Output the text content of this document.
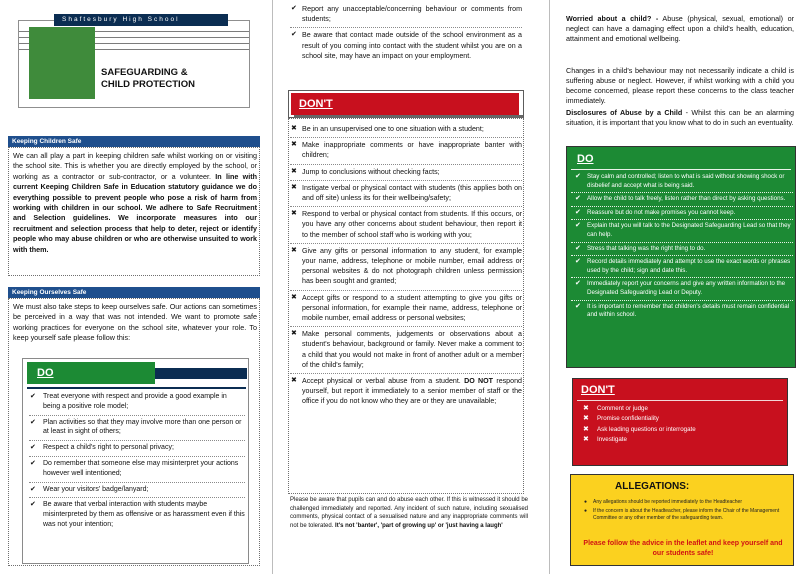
SAFEGUARDING &
CHILD PROTECTION
Shaftesbury High School
Keeping Children Safe
We can all play a part in keeping children safe whilst working on or visiting the school site. This is whether you are directly employed by the school, or working as a contractor or sub-contractor, or a volunteer. In line with current Keeping Children Safe in Education statutory guidance we do everything possible to prevent people who pose a risk of harm from working with children in our school. We adhere to Safe Recruitment and Selection guidelines. We incorporate measures into our recruitment and selection process that help to deter, reject or identify people who may abuse children or who are otherwise unsuited to work with them.
Keeping Ourselves Safe
We must also take steps to keep ourselves safe. Our actions can sometimes be perceived in a way that was not intended. We want to promote safe working practices for everyone on the school site, whatever your role. To keep yourself safe please follow this:
DO
✔ Treat everyone with respect and provide a good example in being a positive role model;
✔ Plan activities so that they may involve more than one person or at least in sight of others;
✔ Respect a child's right to personal privacy;
✔ Do remember that someone else may misinterpret your actions however well intentioned;
✔ Wear your visitors' badge/lanyard;
✔ Be aware that verbal interaction with students maybe misinterpreted by them as offensive or as harassment even if this was not your intention;
✔ Report any unacceptable/concerning behaviour or comments from students;
✔ Be aware that contact made outside of the school environment as a result of you coming into contact with the student whilst you are on a school site, may have an impact on your employment.
DON'T
✖ Be in an unsupervised one to one situation with a student;
✖ Make inappropriate comments or have inappropriate banter with children;
✖ Jump to conclusions without checking facts;
✖ Instigate verbal or physical contact with students (this applies both on and off site) unless its for their wellbeing/safety;
✖ Respond to verbal or physical contact from students. If this occurs, or you have any other concerns about student behaviour, then report it to the member of school staff who is working with you;
✖ Give any gifts or personal information to any student, for example your name, address, telephone or mobile number, email address or personal websites & do not photograph children unless permission has been sought and granted;
✖ Accept gifts or respond to a student attempting to give you gifts or personal information, for example their name, address, telephone or mobile number, email address or personal websites;
✖ Make personal comments, judgements or observations about a student's behaviour, background or family. Never make a comment to a child that you would not make in front of another adult or a member of the child's family;
✖ Accept physical or verbal abuse from a student. DO NOT respond yourself, but report it immediately to a senior member of staff or the office if you do not know who they are or they are unavailable;
Please be aware that pupils can and do abuse each other. If this is witnessed it should be challenged immediately and reported. Any incident of such nature, including sexualised comments, physical contact of a sexualised nature and any inappropriate comments will not be tolerated. It's not 'banter', 'part of growing up' or 'just having a laugh'
Worried about a child? - Abuse (physical, sexual, emotional) or neglect can have a damaging effect upon a child's health, education, attainment and emotional wellbeing.
Changes in a child's behaviour may not necessarily indicate a child is suffering abuse or neglect. However, if whilst working with a child you become concerned, please report these concerns to the class teacher immediately.
Disclosures of Abuse by a Child - Whilst this can be an alarming situation, it is important that you know what to do in such an eventuality.
DO
✔ Stay calm and controlled; listen to what is said without showing shock or disbelief and accept what is being said.
✔ Allow the child to talk freely, listen rather than direct by asking questions.
✔ Reassure but do not make promises you cannot keep.
✔ Explain that you will talk to the Designated Safeguarding Lead so that they can help.
✔ Stress that talking was the right thing to do.
✔ Record details immediately and attempt to use the exact words or phrases used by the child; sign and date this.
✔ Immediately report your concerns and give any written information to the Designated Safeguarding Lead or Deputy.
✔ It is important to remember that children's details must remain confidential and within school.
DON'T
✖ Comment or judge
✖ Promise confidentiality
✖ Ask leading questions or interrogate
✖ Investigate
ALLEGATIONS:
● Any allegations should be reported immediately to the Headteacher
● If the concern is about the Headteacher, please inform the Chair of the Management Committee or any other member of the safeguarding team.
Please follow the advice in the leaflet and keep yourself and our students safe!
